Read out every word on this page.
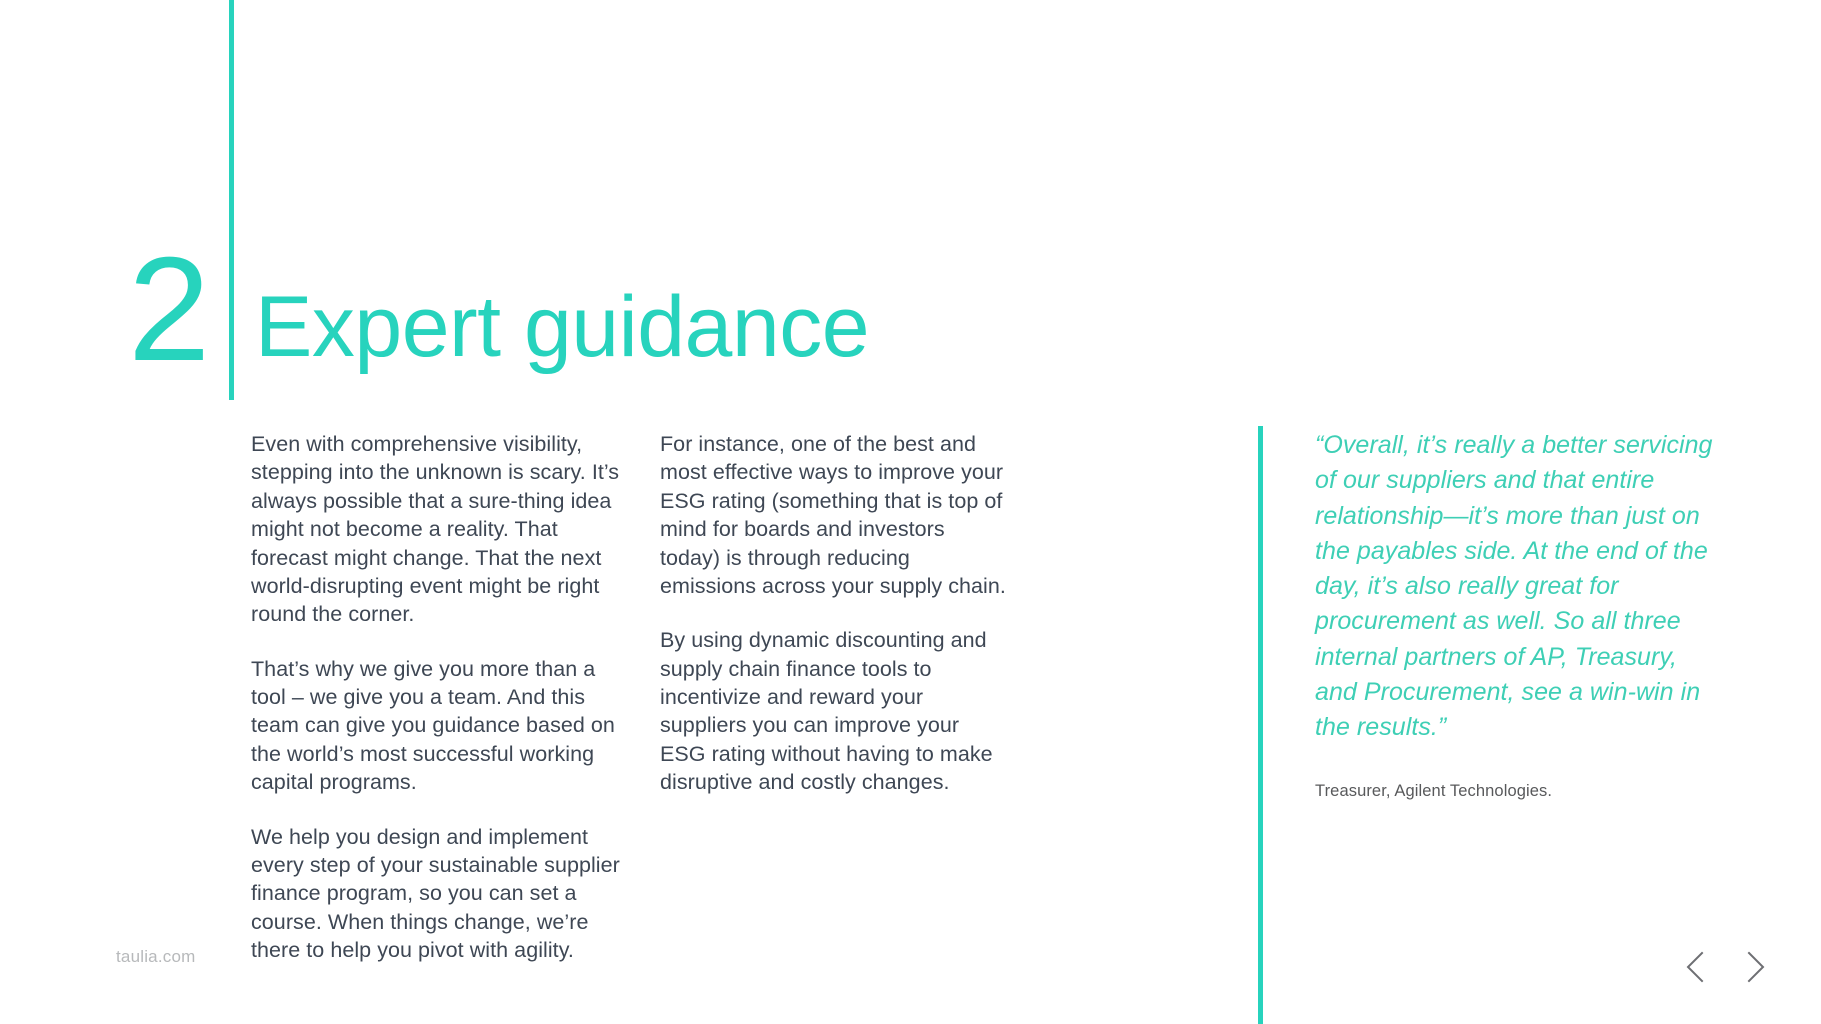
2 Expert guidance

Even with comprehensive visibility, stepping into the unknown is scary. It’s always possible that a sure-thing idea might not become a reality. That forecast might change. That the next world-disrupting event might be right round the corner.

That’s why we give you more than a tool – we give you a team. And this team can give you guidance based on the world’s most successful working capital programs.

We help you design and implement every step of your sustainable supplier finance program, so you can set a course. When things change, we’re there to help you pivot with agility.

For instance, one of the best and most effective ways to improve your ESG rating (something that is top of mind for boards and investors today) is through reducing emissions across your supply chain.

By using dynamic discounting and supply chain finance tools to incentivize and reward your suppliers you can improve your ESG rating without having to make disruptive and costly changes.

“Overall, it’s really a better servicing of our suppliers and that entire relationship—it’s more than just on the payables side. At the end of the day, it’s also really great for procurement as well. So all three internal partners of AP, Treasury, and Procurement, see a win-win in the results.”

Treasurer, Agilent Technologies.

taulia.com
